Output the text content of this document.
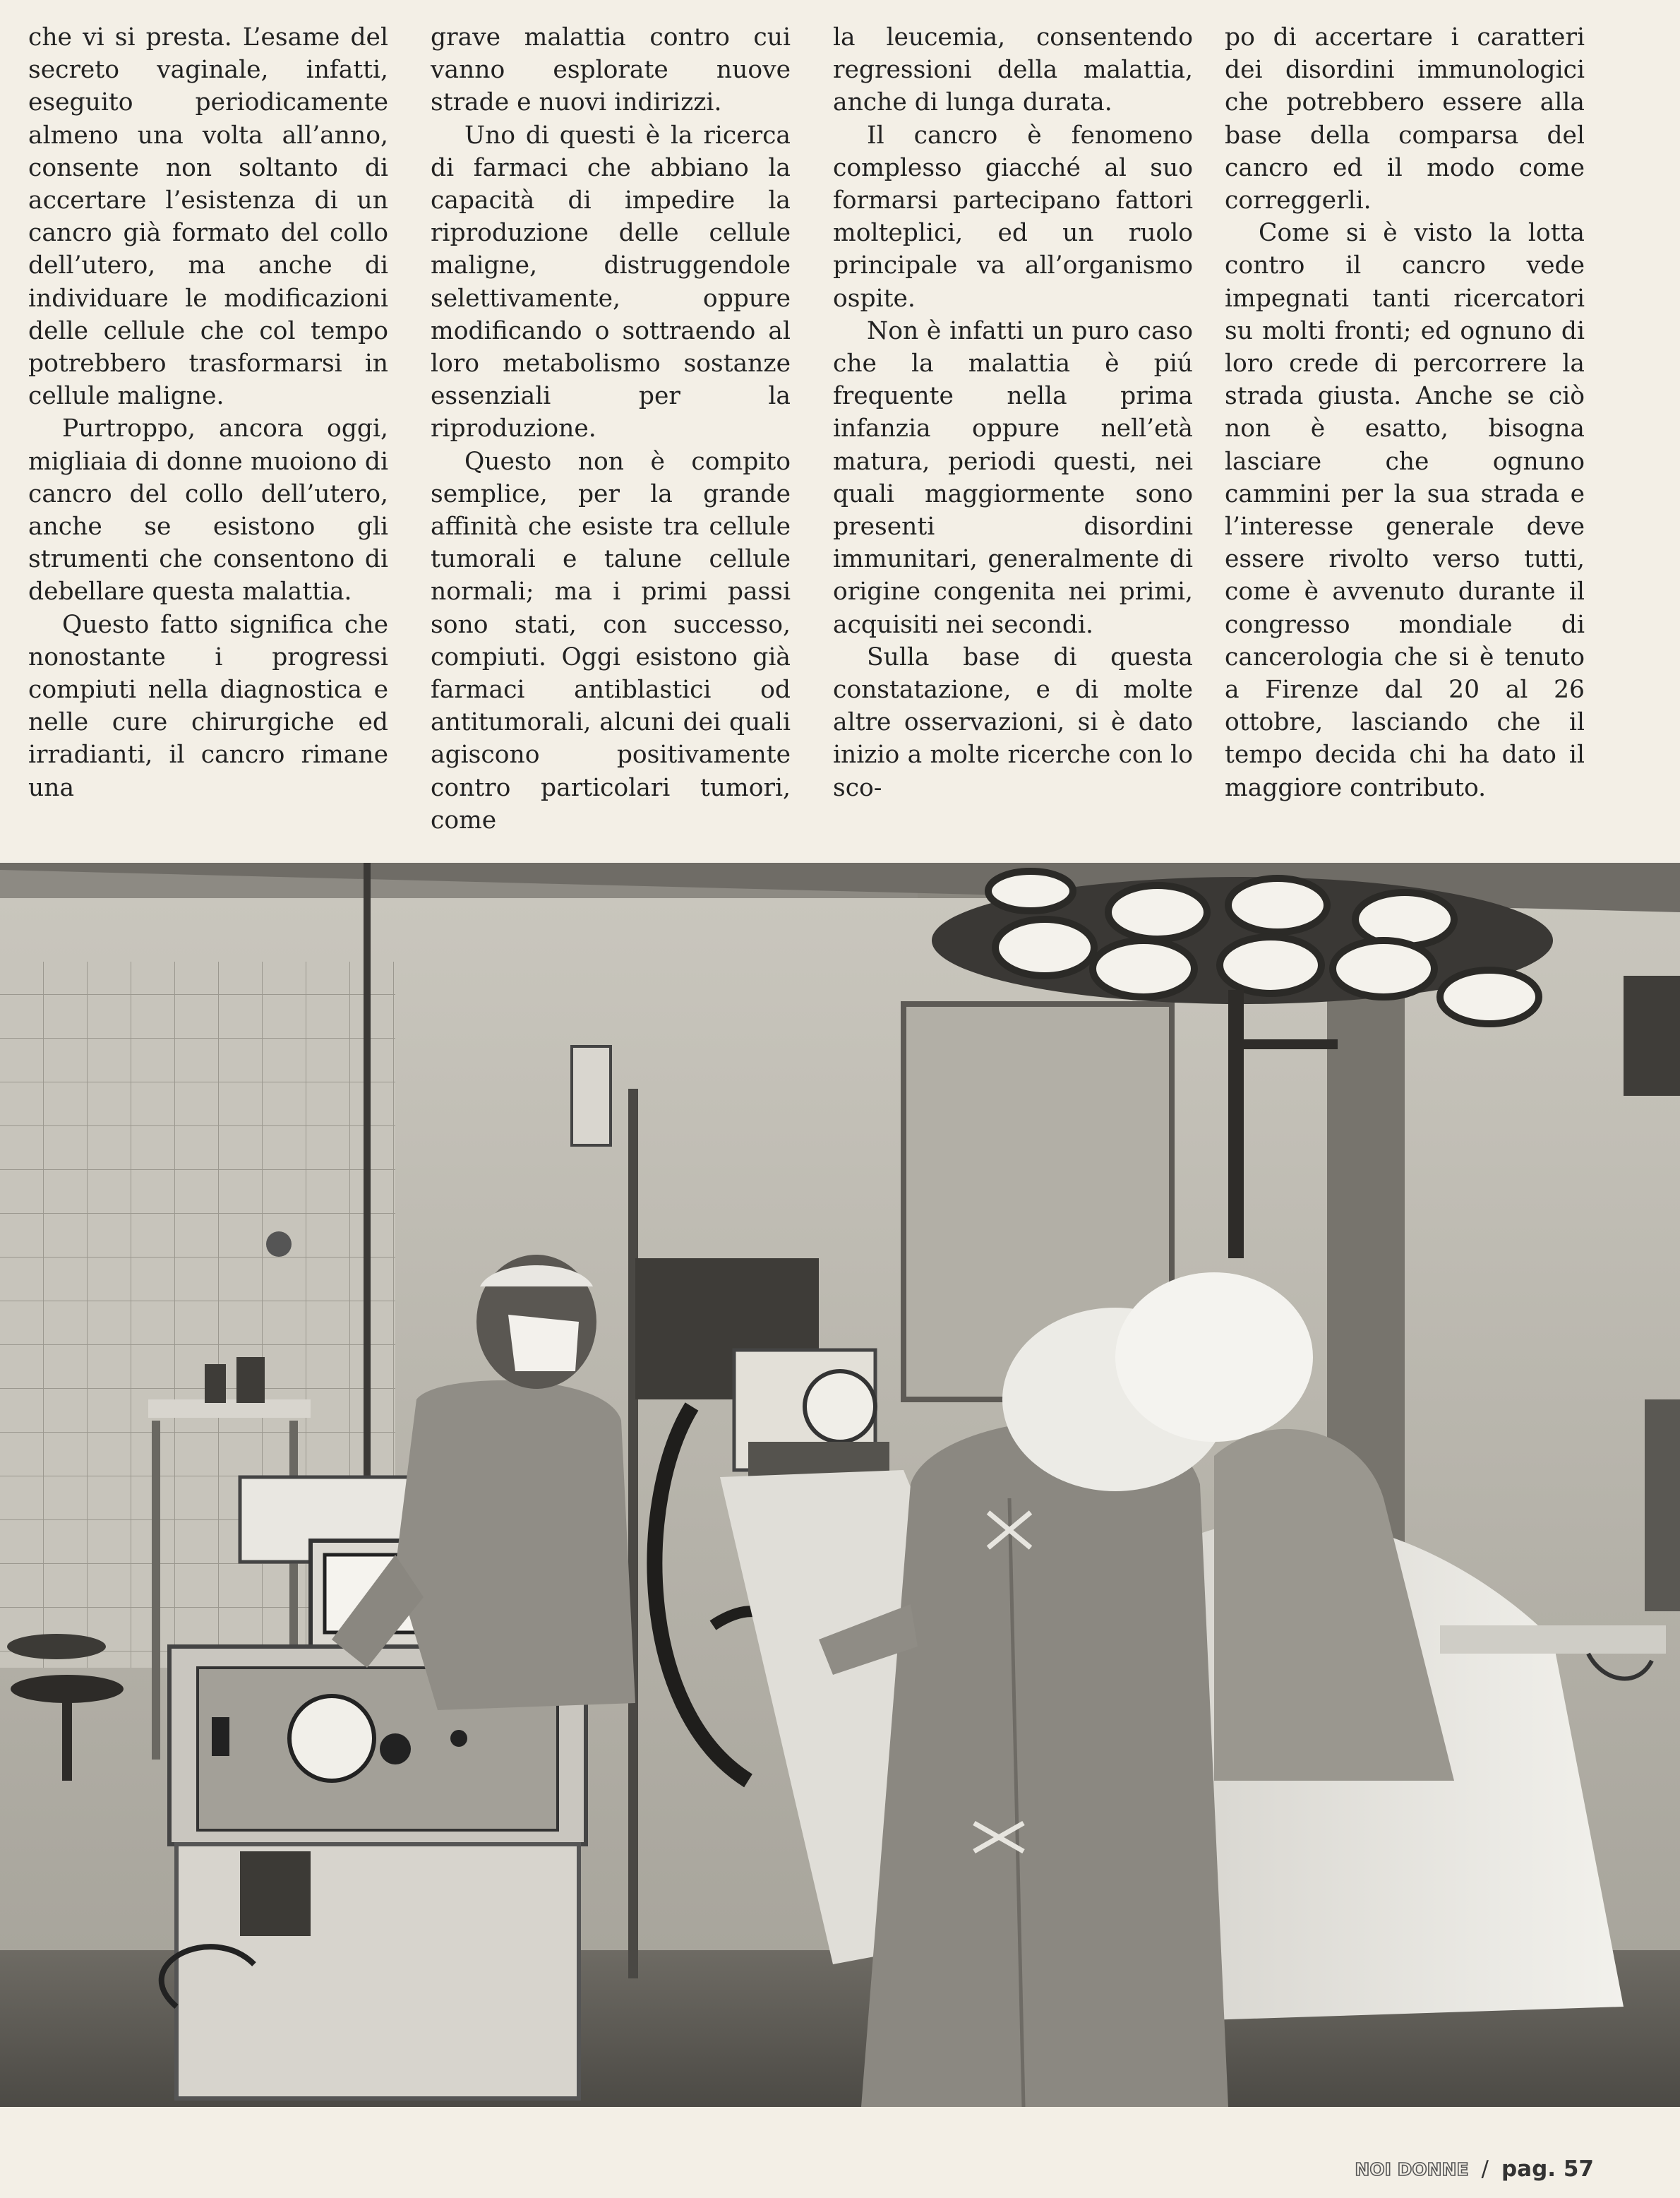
che vi si presta. L’esame del secreto vaginale, infatti, eseguito periodicamente almeno una volta all’anno, consente non soltanto di accertare l’esistenza di un cancro già formato del collo dell’utero, ma anche di individuare le modificazioni delle cellule che col tempo potrebbero trasformarsi in cellule maligne.

Purtroppo, ancora oggi, migliaia di donne muoiono di cancro del collo dell’utero, anche se esistono gli strumenti che consentono di debellare questa malattia.

Questo fatto significa che nonostante i progressi compiuti nella diagnostica e nelle cure chirurgiche ed irradianti, il cancro rimane una

grave malattia contro cui vanno esplorate nuove strade e nuovi indirizzi.

Uno di questi è la ricerca di farmaci che abbiano la capacità di impedire la riproduzione delle cellule maligne, distruggendole selettivamente, oppure modificando o sottraendo al loro metabolismo sostanze essenziali per la riproduzione.

Questo non è compito semplice, per la grande affinità che esiste tra cellule tumorali e talune cellule normali; ma i primi passi sono stati, con successo, compiuti. Oggi esistono già farmaci antiblastici od antitumorali, alcuni dei quali agiscono positivamente contro particolari tumori, come

la leucemia, consentendo regressioni della malattia, anche di lunga durata.

Il cancro è fenomeno complesso giacché al suo formarsi partecipano fattori molteplici, ed un ruolo principale va all’organismo ospite.

Non è infatti un puro caso che la malattia è piú frequente nella prima infanzia oppure nell’età matura, periodi questi, nei quali maggiormente sono presenti disordini immunitari, generalmente di origine congenita nei primi, acquisiti nei secondi.

Sulla base di questa constatazione, e di molte altre osservazioni, si è dato inizio a molte ricerche con lo sco-

po di accertare i caratteri dei disordini immunologici che potrebbero essere alla base della comparsa del cancro ed il modo come correggerli.

Come si è visto la lotta contro il cancro vede impegnati tanti ricercatori su molti fronti; ed ognuno di loro crede di percorrere la strada giusta. Anche se ciò non è esatto, bisogna lasciare che ognuno cammini per la sua strada e l’interesse generale deve essere rivolto verso tutti, come è avvenuto durante il congresso mondiale di cancerologia che si è tenuto a Firenze dal 20 al 26 ottobre, lasciando che il tempo decida chi ha dato il maggiore contributo.

NOI DONNE / pag. 57
